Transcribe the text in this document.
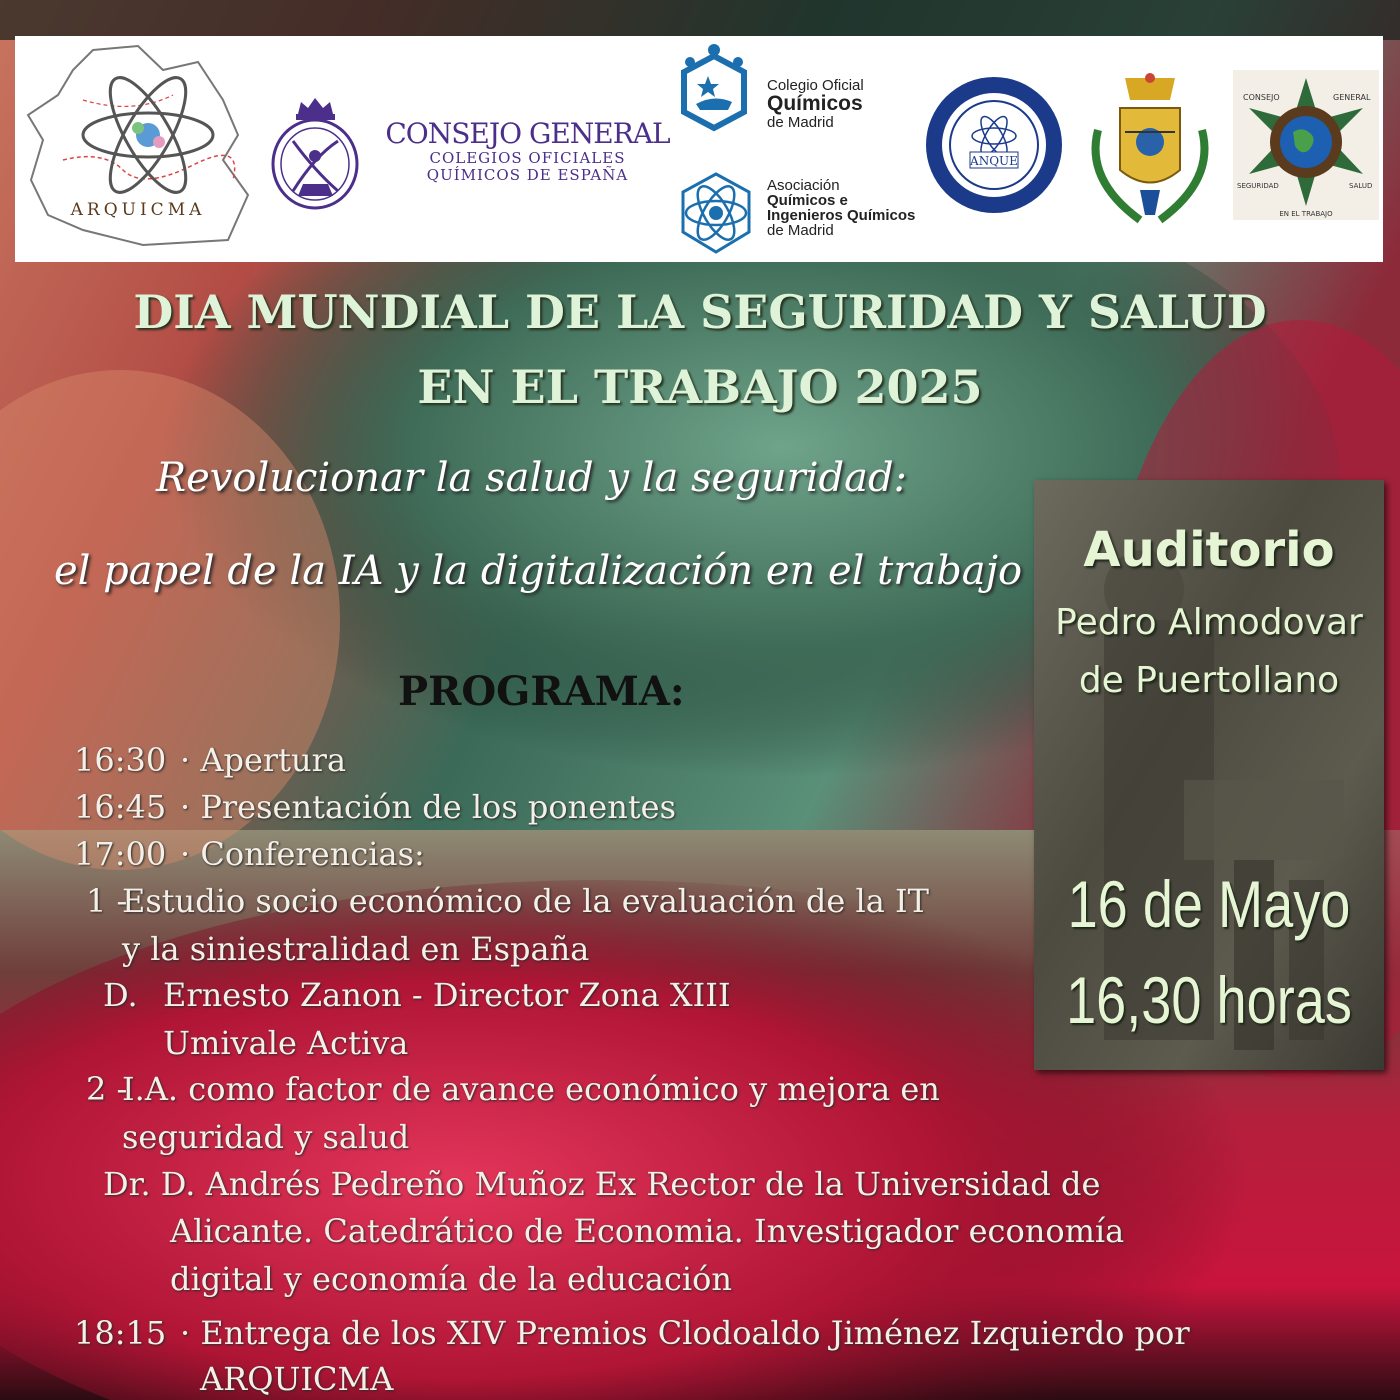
ARQUICMA
CONSEJO GENERAL
COLEGIOS OFICIALES
QUÍMICOS DE ESPAÑA
Colegio Oficial
Químicos
de Madrid
Asociación
Químicos e
Ingenieros Químicos
de Madrid
ANQUE
CONSEJO	GENERAL
SEGURIDAD	SALUD
EN EL TRABAJO
DIA MUNDIAL DE LA SEGURIDAD Y SALUD
EN EL TRABAJO 2025
Revolucionar la salud y la seguridad:
el papel de la IA y la digitalización en el trabajo
PROGRAMA:
Auditorio
Pedro Almodovar
de Puertollano
16 de Mayo
16,30 horas
16:30 · Apertura
16:45 · Presentación de los ponentes
17:00 · Conferencias:
1 -
Estudio socio económico de la evaluación de la IT
y la siniestralidad en España
D. Ernesto Zanon - Director Zona XIII
Umivale Activa
2 -
I.A. como factor de avance económico y mejora en
seguridad y salud
Dr. D. Andrés Pedreño Muñoz Ex Rector de la Universidad de
Alicante. Catedrático de Economia. Investigador economía
digital y economía de la educación
18:15 · Entrega de los XIV Premios Clodoaldo Jiménez Izquierdo por
ARQUICMA
